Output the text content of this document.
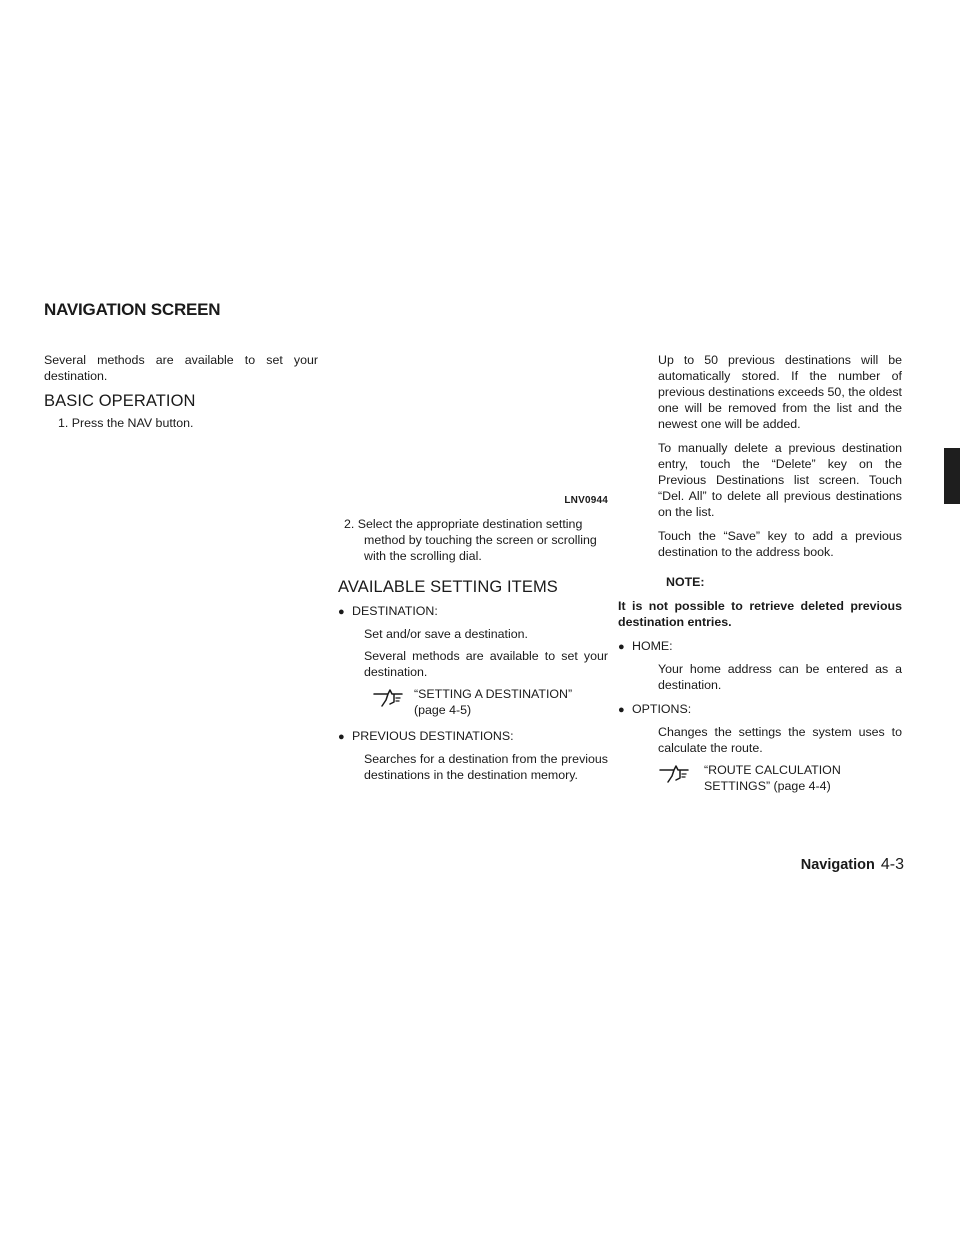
NAVIGATION SCREEN

Several methods are available to set your destination.

BASIC OPERATION

1. Press the NAV button.

LNV0944

2. Select the appropriate destination setting

method by touching the screen or scrolling with the scrolling dial.

AVAILABLE SETTING ITEMS

● DESTINATION:

Set and/or save a destination.

Several methods are available to set your destination.

“SETTING A DESTINATION” (page 4-5)
● PREVIOUS DESTINATIONS:

Searches for a destination from the previous destinations in the destination memory.

Up to 50 previous destinations will be automatically stored. If the number of previous destinations exceeds 50, the oldest one will be removed from the list and the newest one will be added.

To manually delete a previous destination entry, touch the “Delete” key on the Previous Destinations list screen. Touch “Del. All” to delete all previous destinations on the list.

Touch the “Save” key to add a previous destination to the address book.

NOTE:

It is not possible to retrieve deleted previous destination entries.

● HOME:

Your home address can be entered as a destination.

● OPTIONS:

Changes the settings the system uses to calculate the route.

“ROUTE CALCULATION SETTINGS” (page 4-4)
Navigation 4-3
